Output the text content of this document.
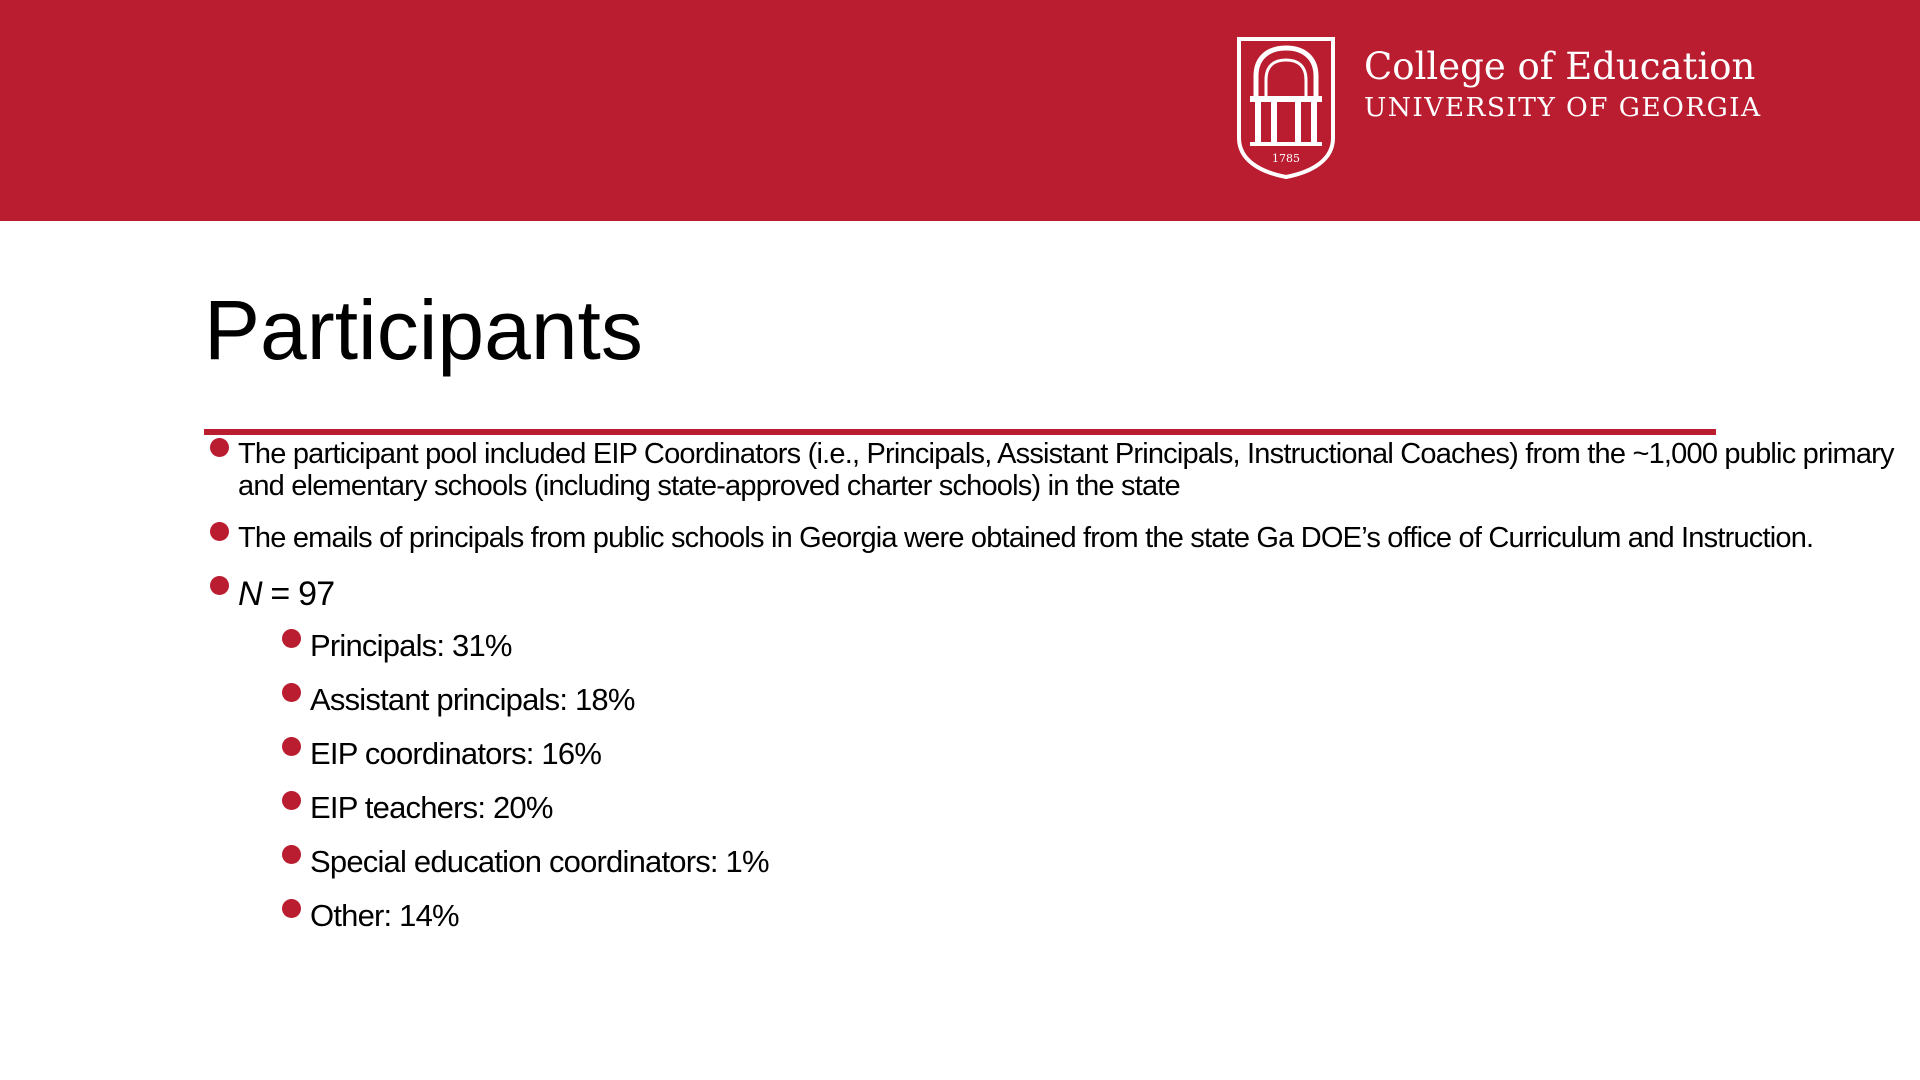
1785
College of Education
UNIVERSITY OF GEORGIA
Participants
The participant pool included EIP Coordinators (i.e., Principals, Assistant Principals, Instructional Coaches) from the ~1,000 public primary and elementary schools (including state-approved charter schools) in the state
The emails of principals from public schools in Georgia were obtained from the state Ga DOE’s office of Curriculum and Instruction.
N = 97
Principals: 31%
Assistant principals: 18%
EIP coordinators: 16%
EIP teachers: 20%
Special education coordinators: 1%
Other: 14%
